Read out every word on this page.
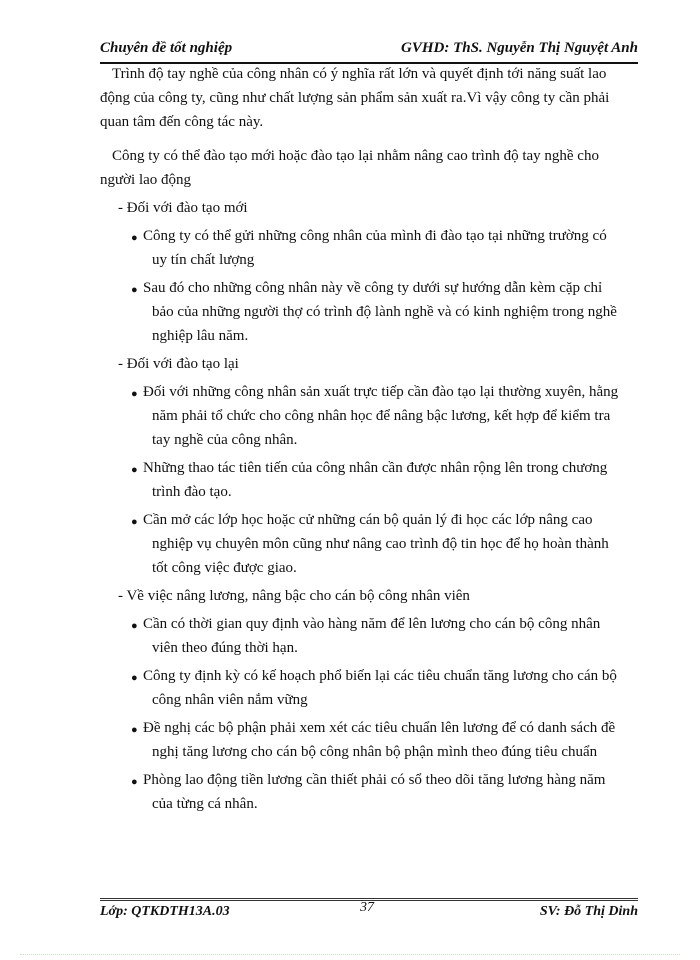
Chuyên đề tốt nghiệp	GVHD: ThS. Nguyễn Thị Nguyệt Anh
Trình độ tay nghề của công nhân có ý nghĩa rất lớn và quyết định tới năng suất lao
động của công ty, cũng như chất lượng sản phẩm sản xuất ra.Vì vậy công ty cần phải
quan tâm đến công tác này.
Công ty có thể đào tạo mới hoặc đào tạo lại nhằm nâng cao trình độ tay nghề cho
người lao động
- Đối với đào tạo mới
Công ty có thể gửi những công nhân của mình đi đào tạo tại những trường có
●
uy tín chất lượng
Sau đó cho những công nhân này về công ty dưới sự hướng dẫn kèm cặp chỉ
●
bảo của những người thợ có trình độ lành nghề và có kinh nghiệm trong nghề
nghiệp lâu năm.
- Đối với đào tạo lại
Đối với những công nhân sản xuất trực tiếp cần đào tạo lại thường xuyên, hằng
●
năm phải tổ chức cho công nhân học để nâng bậc lương, kết hợp để kiểm tra
tay nghề của công nhân.
Những thao tác tiên tiến của công nhân cần được nhân rộng lên trong chương
●
trình đào tạo.
Cần mở các lớp học hoặc cử những cán bộ quản lý đi học các lớp nâng cao
●
nghiệp vụ chuyên môn cũng như nâng cao trình độ tin học để họ hoàn thành
tốt công việc được giao.
- Về việc nâng lương, nâng bậc cho cán bộ công nhân viên
Cần có thời gian quy định vào hàng năm để lên lương cho cán bộ công nhân
●
viên theo đúng thời hạn.
Công ty định kỳ có kế hoạch phổ biến lại các tiêu chuẩn tăng lương cho cán bộ
●
công nhân viên nắm vững
Đề nghị các bộ phận phải xem xét các tiêu chuẩn lên lương để có danh sách đề
●
nghị tăng lương cho cán bộ công nhân bộ phận mình theo đúng tiêu chuẩn
Phòng lao động tiền lương cần thiết phải có sổ theo dõi tăng lương hàng năm
●
của từng cá nhân.
Lớp: QTKDTH13A.03	37	SV: Đỗ Thị Dinh
